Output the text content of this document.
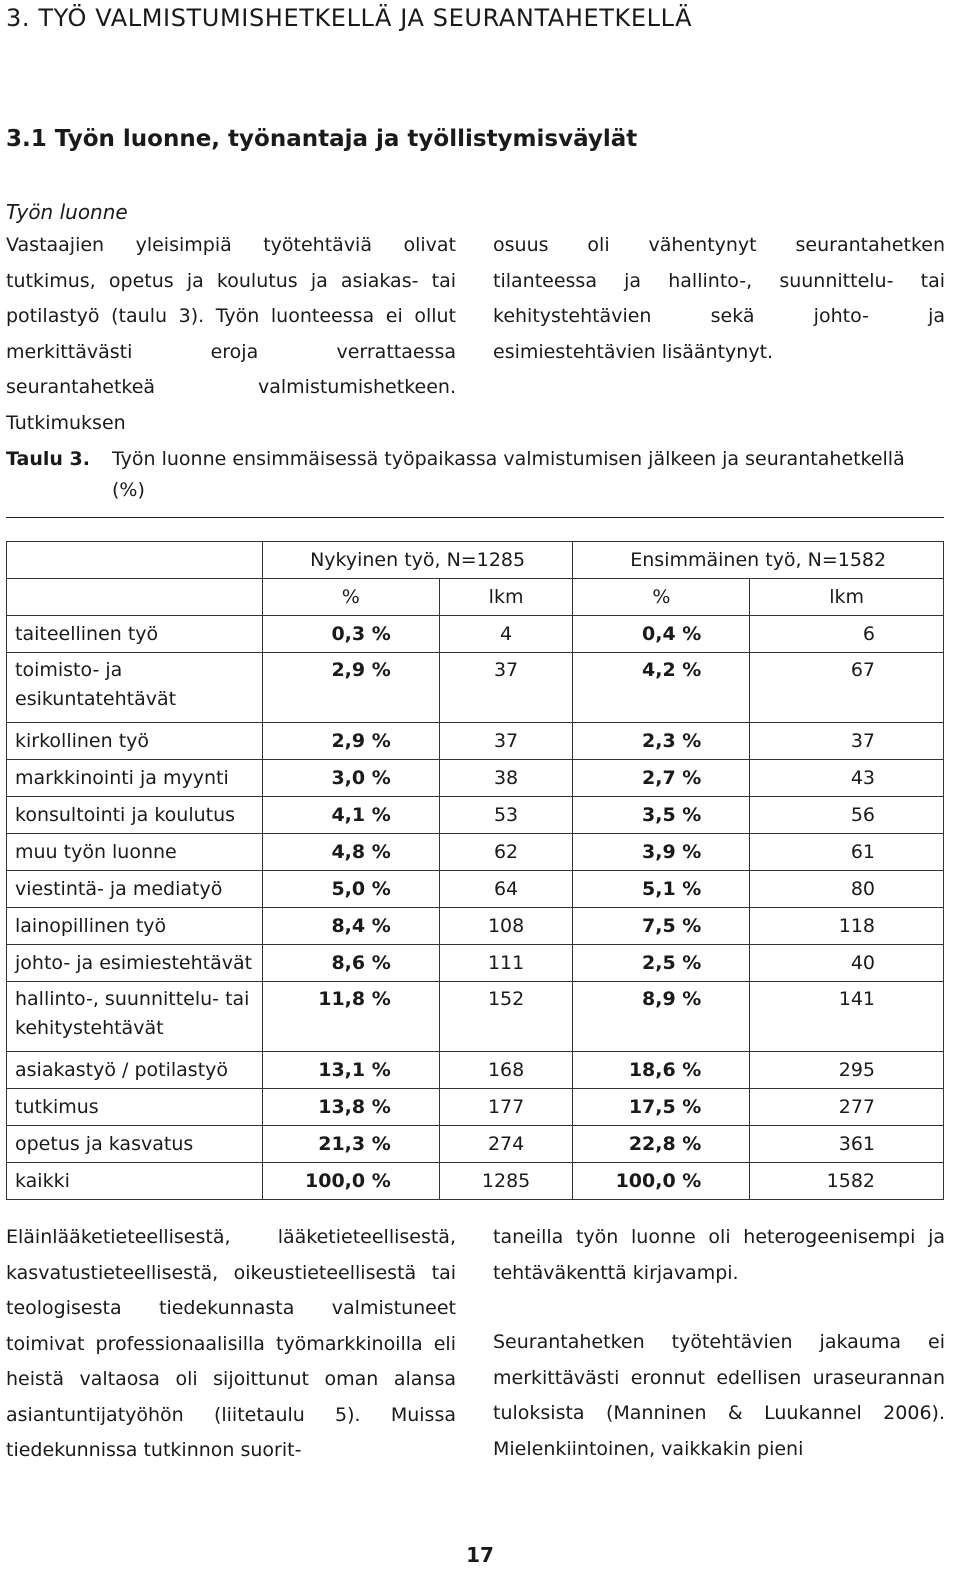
3. TYÖ VALMISTUMISHETKELLÄ JA SEURANTAHETKELLÄ
3.1 Työn luonne, työnantaja ja työllistymisväylät
Työn luonne

Vastaajien yleisimpiä työtehtäviä olivat tutkimus, opetus ja koulutus ja asiakas- tai potilastyö (taulu 3). Työn luonteessa ei ollut merkittävästi eroja verrattaessa seurantahetkeä valmistumishetkeen. Tutkimuksen

osuus oli vähentynyt seurantahetken tilanteessa ja hallinto-, suunnittelu- tai kehitystehtävien sekä johto- ja esimiestehtävien lisääntynyt.

Taulu 3. Työn luonne ensimmäisessä työpaikassa valmistumisen jälkeen ja seurantahetkellä (%)
	Nykyinen työ, N=1285		Ensimmäinen työ, N=1582	
	%	lkm	%	lkm
taiteellinen työ	0,3 %	4	0,4 %	6
toimisto- ja esikuntatehtävät	2,9 %	37	4,2 %	67
kirkollinen työ	2,9 %	37	2,3 %	37
markkinointi ja myynti	3,0 %	38	2,7 %	43
konsultointi ja koulutus	4,1 %	53	3,5 %	56
muu työn luonne	4,8 %	62	3,9 %	61
viestintä- ja mediatyö	5,0 %	64	5,1 %	80
lainopillinen työ	8,4 %	108	7,5 %	118
johto- ja esimiestehtävät	8,6 %	111	2,5 %	40
hallinto-, suunnittelu- tai kehitystehtävät	11,8 %	152	8,9 %	141
asiakastyö / potilastyö	13,1 %	168	18,6 %	295
tutkimus	13,8 %	177	17,5 %	277
opetus ja kasvatus	21,3 %	274	22,8 %	361
kaikki	100,0 %	1285	100,0 %	1582

Eläinlääketieteellisestä, lääketieteellisestä, kasvatustieteellisestä, oikeustieteellisestä tai teologisesta tiedekunnasta valmistuneet toimivat professionaalisilla työmarkkinoilla eli heistä valtaosa oli sijoittunut oman alansa asiantuntijatyöhön (liitetaulu 5). Muissa tiedekunnissa tutkinnon suorit-

taneilla työn luonne oli heterogeenisempi ja tehtäväkenttä kirjavampi.

Seurantahetken työtehtävien jakauma ei merkittävästi eronnut edellisen uraseurannan tuloksista (Manninen & Luukannel 2006). Mielenkiintoinen, vaikkakin pieni

17
